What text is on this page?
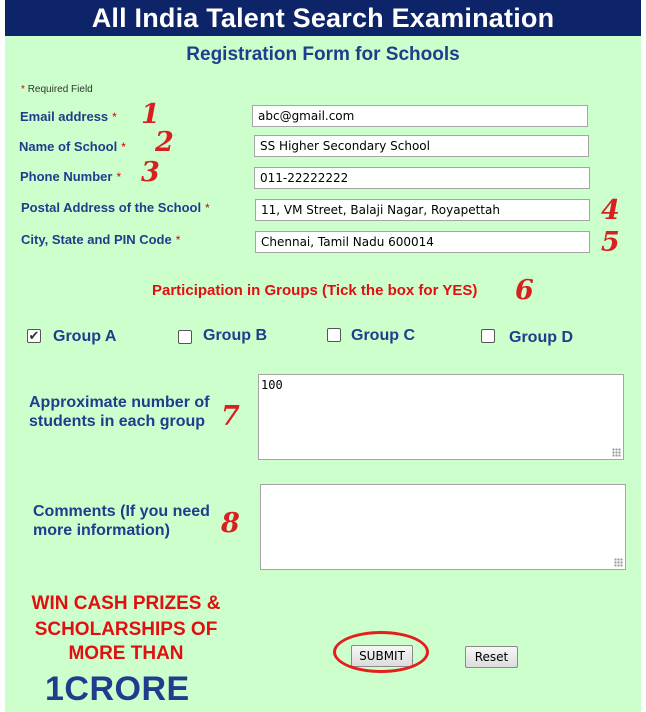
All India Talent Search Examination
Registration Form for Schools
* Required Field
Email address * 1
abc@gmail.com
Name of School * 2
SS Higher Secondary School
Phone Number * 3
011-22222222
Postal Address of the School *
11, VM Street, Balaji Nagar, Royapettah	4
City, State and PIN Code *
Chennai, Tamil Nadu 600014	5
Participation in Groups (Tick the box for YES) 6
✔ Group A	Group B	Group C	Group D
Approximate number of
students in each group 7
100
Comments (If you need
more information)	8
WIN CASH PRIZES &
SCHOLARSHIPS OF
MORE THAN
1CRORE
SUBMIT	Reset
